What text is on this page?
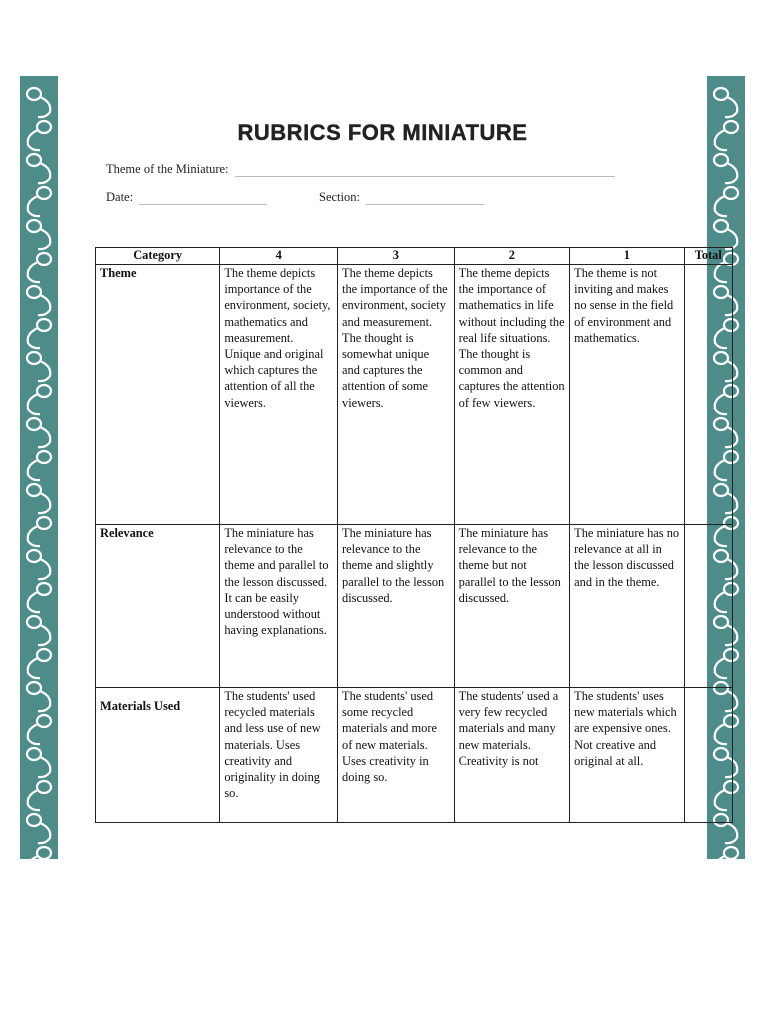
RUBRICS FOR MINIATURE
Theme of the Miniature:
Date:	Section:
Category	4	3	2	1	Total
Theme	The theme depicts importance of the environment, society, mathematics and measurement. Unique and original which captures the attention of all the viewers.	The theme depicts the importance of the environment, society and measurement. The thought is somewhat unique and captures the attention of some viewers.	The theme depicts the importance of mathematics in life without including the real life situations. The thought is common and captures the attention of few viewers.	The theme is not inviting and makes no sense in the field of environment and mathematics.	
Relevance	The miniature has relevance to the theme and parallel to the lesson discussed. It can be easily understood without having explanations.	The miniature has relevance to the theme and slightly parallel to the lesson discussed.	The miniature has relevance to the theme but not parallel to the lesson discussed.	The miniature has no relevance at all in the lesson discussed and in the theme.	
Materials Used	The students' used recycled materials and less use of new materials. Uses creativity and originality in doing so.	The students' used some recycled materials and more of new materials. Uses creativity in doing so.	The students' used a very few recycled materials and many new materials. Creativity is not	The students' uses new materials which are expensive ones. Not creative and original at all.	
